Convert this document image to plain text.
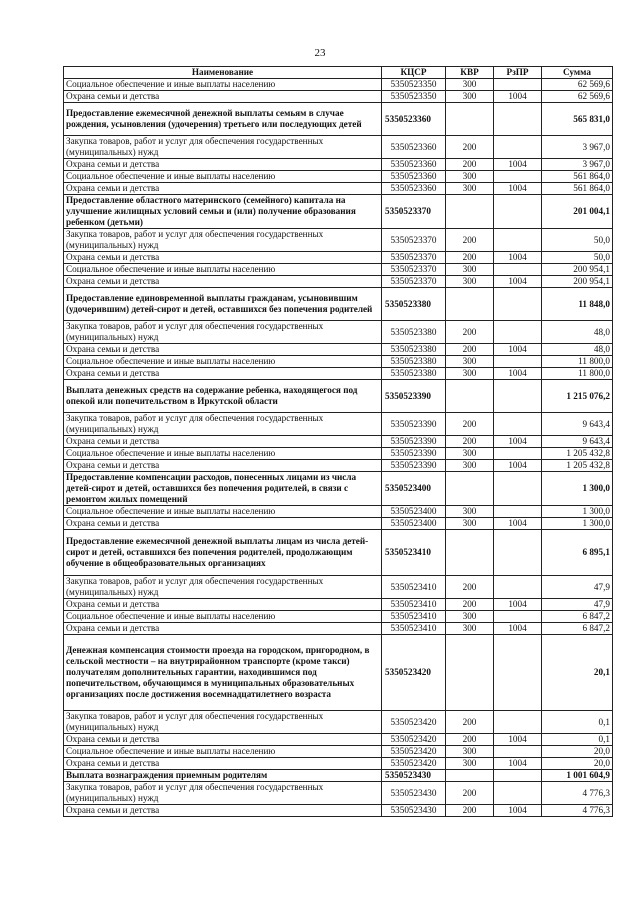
23
Наименование	КЦСР	КВР	РзПР	Сумма
Социальное обеспечение и иные выплаты населению	5350523350	300		62 569,6
Охрана семьи и детства	5350523350	300	1004	62 569,6
Предоставление ежемесячной денежной выплаты семьям в случае рождения, усыновления (удочерения) третьего или последующих детей	5350523360			565 831,0
Закупка товаров, работ и услуг для обеспечения государственных (муниципальных) нужд	5350523360	200		3 967,0
Охрана семьи и детства	5350523360	200	1004	3 967,0
Социальное обеспечение и иные выплаты населению	5350523360	300		561 864,0
Охрана семьи и детства	5350523360	300	1004	561 864,0
Предоставление областного материнского (семейного) капитала на улучшение жилищных условий семьи и (или) получение образования ребенком (детьми)	5350523370			201 004,1
Закупка товаров, работ и услуг для обеспечения государственных (муниципальных) нужд	5350523370	200		50,0
Охрана семьи и детства	5350523370	200	1004	50,0
Социальное обеспечение и иные выплаты населению	5350523370	300		200 954,1
Охрана семьи и детства	5350523370	300	1004	200 954,1
Предоставление единовременной выплаты гражданам, усыновившим (удочерившим) детей-сирот и детей, оставшихся без попечения родителей	5350523380			11 848,0
Закупка товаров, работ и услуг для обеспечения государственных (муниципальных) нужд	5350523380	200		48,0
Охрана семьи и детства	5350523380	200	1004	48,0
Социальное обеспечение и иные выплаты населению	5350523380	300		11 800,0
Охрана семьи и детства	5350523380	300	1004	11 800,0
Выплата денежных средств на содержание ребенка, находящегося под опекой или попечительством в Иркутской области	5350523390			1 215 076,2
Закупка товаров, работ и услуг для обеспечения государственных (муниципальных) нужд	5350523390	200		9 643,4
Охрана семьи и детства	5350523390	200	1004	9 643,4
Социальное обеспечение и иные выплаты населению	5350523390	300		1 205 432,8
Охрана семьи и детства	5350523390	300	1004	1 205 432,8
Предоставление компенсации расходов, понесенных лицами из числа детей-сирот и детей, оставшихся без попечения родителей, в связи с ремонтом жилых помещений	5350523400			1 300,0
Социальное обеспечение и иные выплаты населению	5350523400	300		1 300,0
Охрана семьи и детства	5350523400	300	1004	1 300,0
Предоставление ежемесячной денежной выплаты лицам из числа детей-сирот и детей, оставшихся без попечения родителей, продолжающим обучение в общеобразовательных организациях	5350523410			6 895,1
Закупка товаров, работ и услуг для обеспечения государственных (муниципальных) нужд	5350523410	200		47,9
Охрана семьи и детства	5350523410	200	1004	47,9
Социальное обеспечение и иные выплаты населению	5350523410	300		6 847,2
Охрана семьи и детства	5350523410	300	1004	6 847,2
Денежная компенсация стоимости проезда на городском, пригородном, в сельской местности – на внутрирайонном транспорте (кроме такси) получателям дополнительных гарантии, находившимся под попечительством, обучающимся в муниципальных образовательных организациях после достижения восемнадцатилетнего возраста	5350523420			20,1
Закупка товаров, работ и услуг для обеспечения государственных (муниципальных) нужд	5350523420	200		0,1
Охрана семьи и детства	5350523420	200	1004	0,1
Социальное обеспечение и иные выплаты населению	5350523420	300		20,0
Охрана семьи и детства	5350523420	300	1004	20,0
Выплата вознаграждения приемным родителям	5350523430			1 001 604,9
Закупка товаров, работ и услуг для обеспечения государственных (муниципальных) нужд	5350523430	200		4 776,3
Охрана семьи и детства	5350523430	200	1004	4 776,3
